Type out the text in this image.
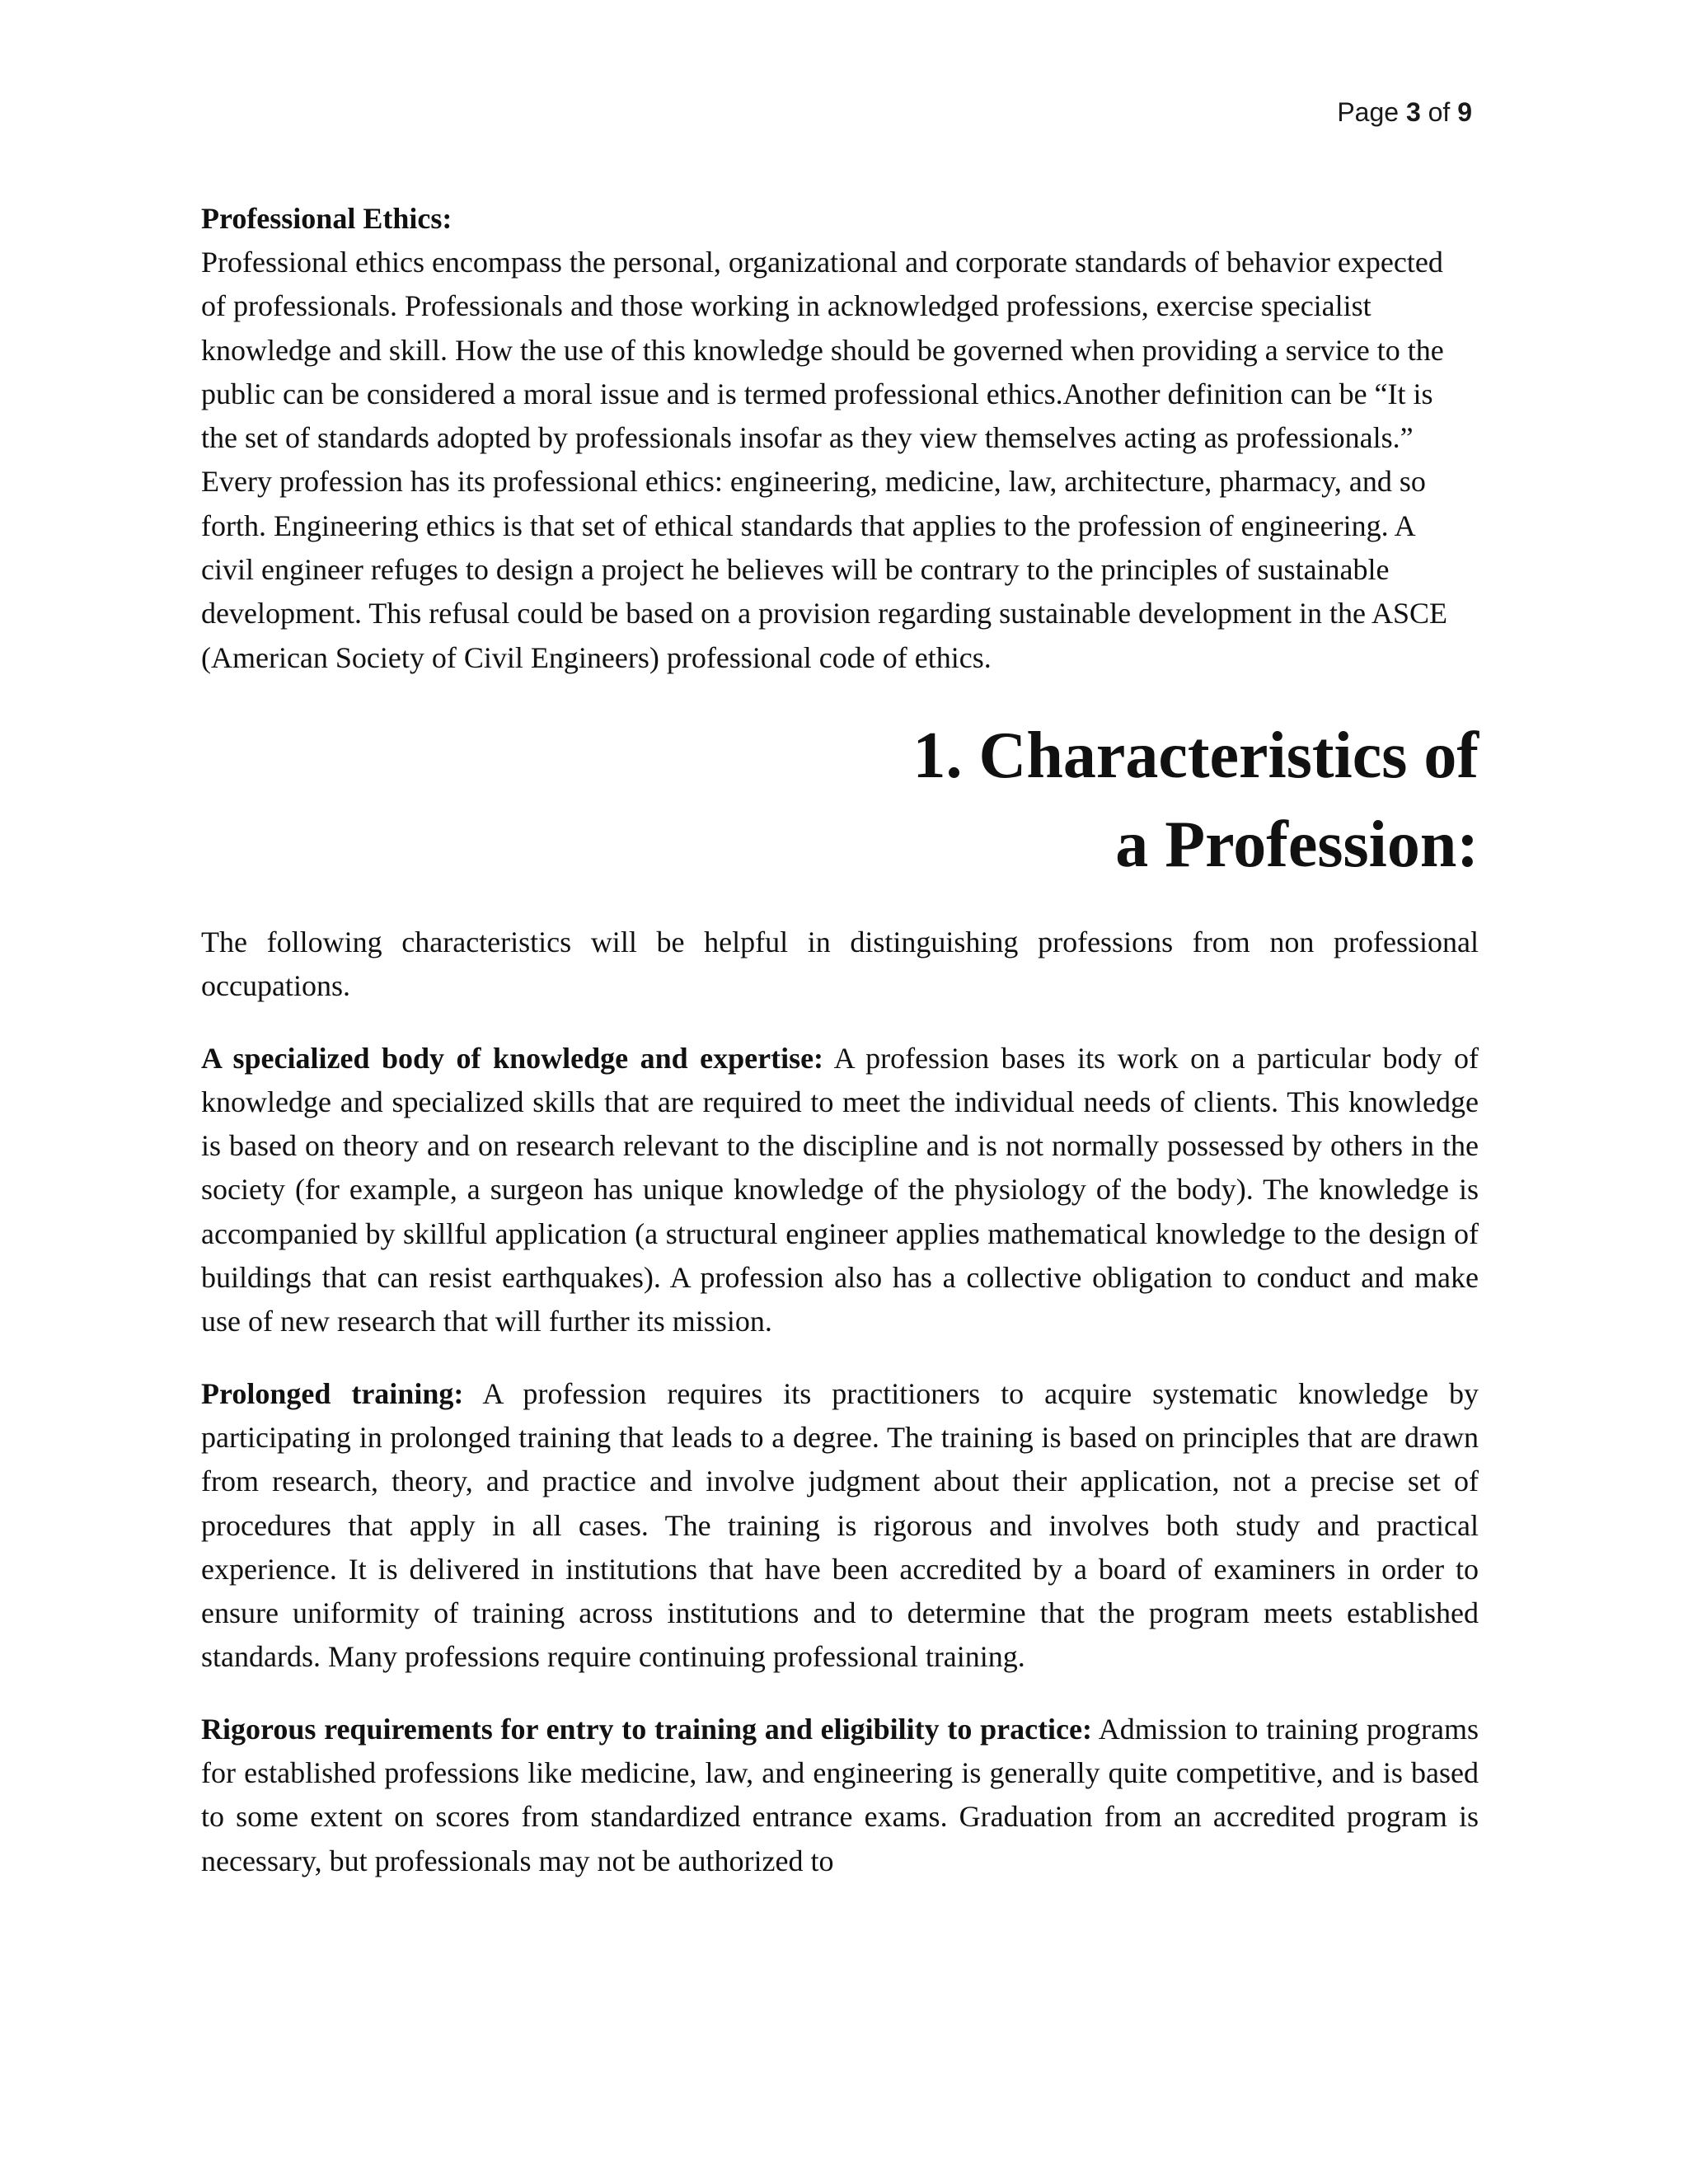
Page 3 of 9

Professional Ethics:

Professional ethics encompass the personal, organizational and corporate standards of behavior expected of professionals. Professionals and those working in acknowledged professions, exercise specialist knowledge and skill. How the use of this knowledge should be governed when providing a service to the public can be considered a moral issue and is termed professional ethics.Another definition can be “It is the set of standards adopted by professionals insofar as they view themselves acting as professionals.” Every profession has its professional ethics: engineering, medicine, law, architecture, pharmacy, and so forth. Engineering ethics is that set of ethical standards that applies to the profession of engineering. A civil engineer refuges to design a project he believes will be contrary to the principles of sustainable development. This refusal could be based on a provision regarding sustainable development in the ASCE (American Society of Civil Engineers) professional code of ethics.

1. Characteristics of a Profession:

The following characteristics will be helpful in distinguishing professions from non professional occupations.

A specialized body of knowledge and expertise: A profession bases its work on a particular body of knowledge and specialized skills that are required to meet the individual needs of clients. This knowledge is based on theory and on research relevant to the discipline and is not normally possessed by others in the society (for example, a surgeon has unique knowledge of the physiology of the body). The knowledge is accompanied by skillful application (a structural engineer applies mathematical knowledge to the design of buildings that can resist earthquakes). A profession also has a collective obligation to conduct and make use of new research that will further its mission.

Prolonged training: A profession requires its practitioners to acquire systematic knowledge by participating in prolonged training that leads to a degree. The training is based on principles that are drawn from research, theory, and practice and involve judgment about their application, not a precise set of procedures that apply in all cases. The training is rigorous and involves both study and practical experience. It is delivered in institutions that have been accredited by a board of examiners in order to ensure uniformity of training across institutions and to determine that the program meets established standards. Many professions require continuing professional training.

Rigorous requirements for entry to training and eligibility to practice: Admission to training programs for established professions like medicine, law, and engineering is generally quite competitive, and is based to some extent on scores from standardized entrance exams. Graduation from an accredited program is necessary, but professionals may not be authorized to
